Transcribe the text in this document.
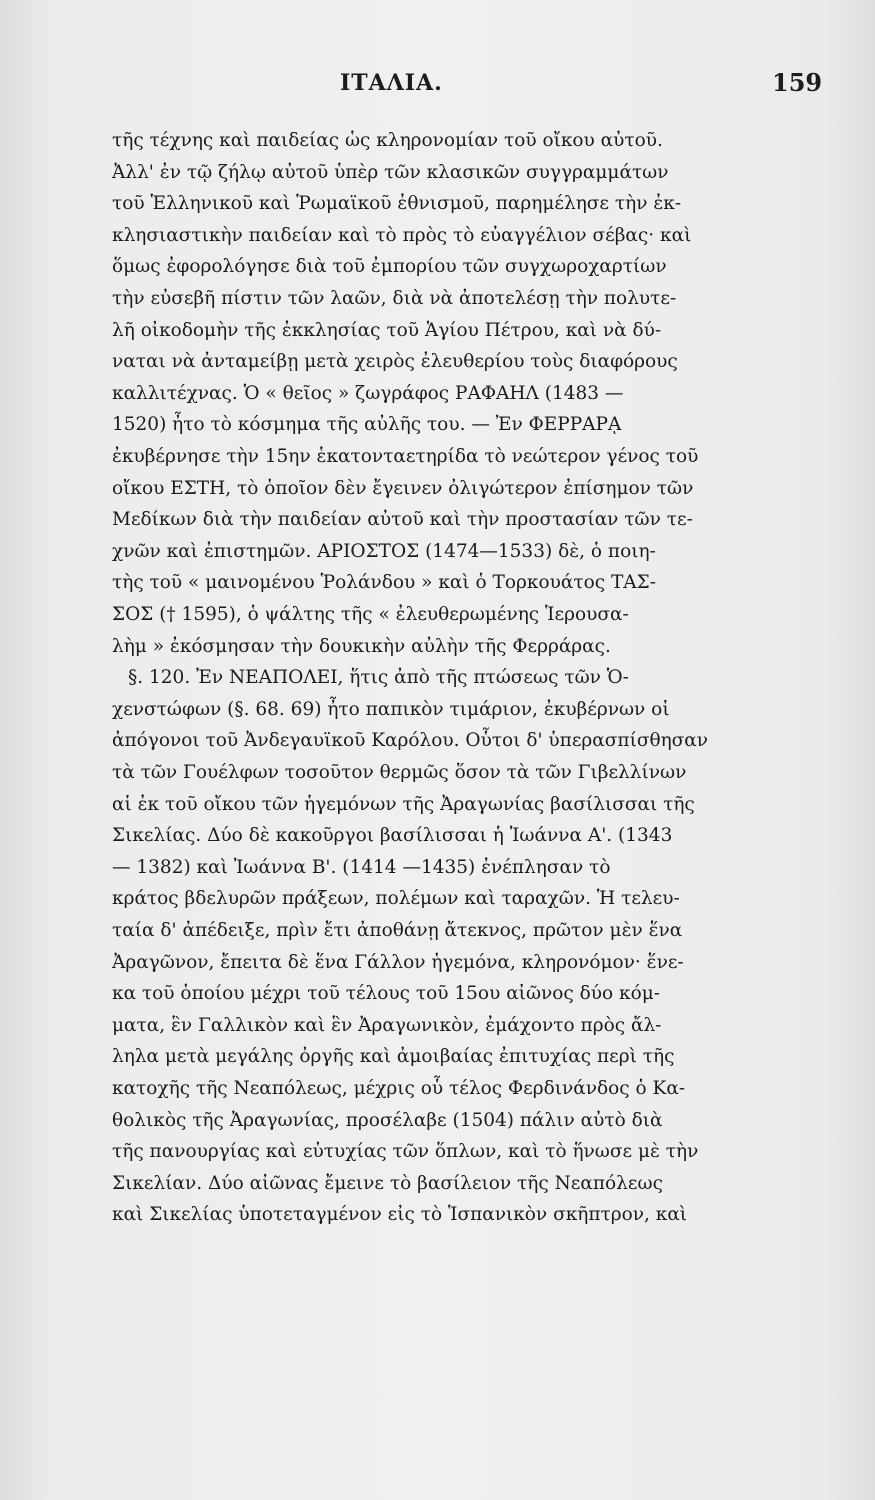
ΙΤΑΛΙΑ.	159
τῆς τέχνης καὶ παιδείας ὡς κληρονομίαν τοῦ οἴκου αὐτοῦ.
Ἀλλ' ἐν τῷ ζήλῳ αὐτοῦ ὑπὲρ τῶν κλασικῶν συγγραμμάτων
τοῦ Ἑλληνικοῦ καὶ Ῥωμαϊκοῦ ἐθνισμοῦ, παρημέλησε τὴν ἐκ-
κλησιαστικὴν παιδείαν καὶ τὸ πρὸς τὸ εὐαγγέλιον σέβας· καὶ
ὅμως ἐφορολόγησε διὰ τοῦ ἐμπορίου τῶν συγχωροχαρτίων
τὴν εὐσεβῆ πίστιν τῶν λαῶν, διὰ νὰ ἀποτελέσῃ τὴν πολυτε-
λῆ οἰκοδομὴν τῆς ἐκκλησίας τοῦ Ἁγίου Πέτρου, καὶ νὰ δύ-
ναται νὰ ἀνταμείβῃ μετὰ χειρὸς ἐλευθερίου τοὺς διαφόρους
καλλιτέχνας. Ὁ « θεῖος » ζωγράφος ΡΑΦΑΗΛ (1483 —
1520) ἦτο τὸ κόσμημα τῆς αὐλῆς του. — Ἐν ΦΕΡΡΑΡᾼ
ἐκυβέρνησε τὴν 15ην ἑκατονταετηρίδα τὸ νεώτερον γένος τοῦ
οἴκου ΕΣΤΗ, τὸ ὁποῖον δὲν ἔγεινεν ὀλιγώτερον ἐπίσημον τῶν
Μεδίκων διὰ τὴν παιδείαν αὐτοῦ καὶ τὴν προστασίαν τῶν τε-
χνῶν καὶ ἐπιστημῶν. ΑΡΙΟΣΤΟΣ (1474—1533) δὲ, ὁ ποιη-
τὴς τοῦ « μαινομένου Ῥολάνδου » καὶ ὁ Τορκουάτος ΤΑΣ-
ΣΟΣ († 1595), ὁ ψάλτης τῆς « ἐλευθερωμένης Ἱερουσα-
λὴμ » ἐκόσμησαν τὴν δουκικὴν αὐλὴν τῆς Φερράρας.
§. 120. Ἐν ΝΕΑΠΟΛΕΙ, ἥτις ἀπὸ τῆς πτώσεως τῶν Ὁ-
χενστώφων (§. 68. 69) ἦτο παπικὸν τιμάριον, ἐκυβέρνων οἱ
ἀπόγονοι τοῦ Ἀνδεγαυϊκοῦ Καρόλου. Οὗτοι δ' ὑπερασπίσθησαν
τὰ τῶν Γουέλφων τοσοῦτον θερμῶς ὅσον τὰ τῶν Γιβελλίνων
αἱ ἐκ τοῦ οἴκου τῶν ἡγεμόνων τῆς Ἀραγωνίας βασίλισσαι τῆς
Σικελίας. Δύο δὲ κακοῦργοι βασίλισσαι ἡ Ἰωάννα Α'. (1343
— 1382) καὶ Ἰωάννα Β'. (1414 —1435) ἐνέπλησαν τὸ
κράτος βδελυρῶν πράξεων, πολέμων καὶ ταραχῶν. Ἡ τελευ-
ταία δ' ἀπέδειξε, πρὶν ἔτι ἀποθάνῃ ἄτεκνος, πρῶτον μὲν ἕνα
Ἀραγῶνον, ἔπειτα δὲ ἕνα Γάλλον ἡγεμόνα, κληρονόμον· ἕνε-
κα τοῦ ὁποίου μέχρι τοῦ τέλους τοῦ 15ου αἰῶνος δύο κόμ-
ματα, ἓν Γαλλικὸν καὶ ἓν Ἀραγωνικὸν, ἐμάχοντο πρὸς ἄλ-
ληλα μετὰ μεγάλης ὀργῆς καὶ ἀμοιβαίας ἐπιτυχίας περὶ τῆς
κατοχῆς τῆς Νεαπόλεως, μέχρις οὗ τέλος Φερδινάνδος ὁ Κα-
θολικὸς τῆς Ἀραγωνίας, προσέλαβε (1504) πάλιν αὐτὸ διὰ
τῆς πανουργίας καὶ εὐτυχίας τῶν ὅπλων, καὶ τὸ ἥνωσε μὲ τὴν
Σικελίαν. Δύο αἰῶνας ἔμεινε τὸ βασίλειον τῆς Νεαπόλεως
καὶ Σικελίας ὑποτεταγμένον εἰς τὸ Ἱσπανικὸν σκῆπτρον, καὶ
